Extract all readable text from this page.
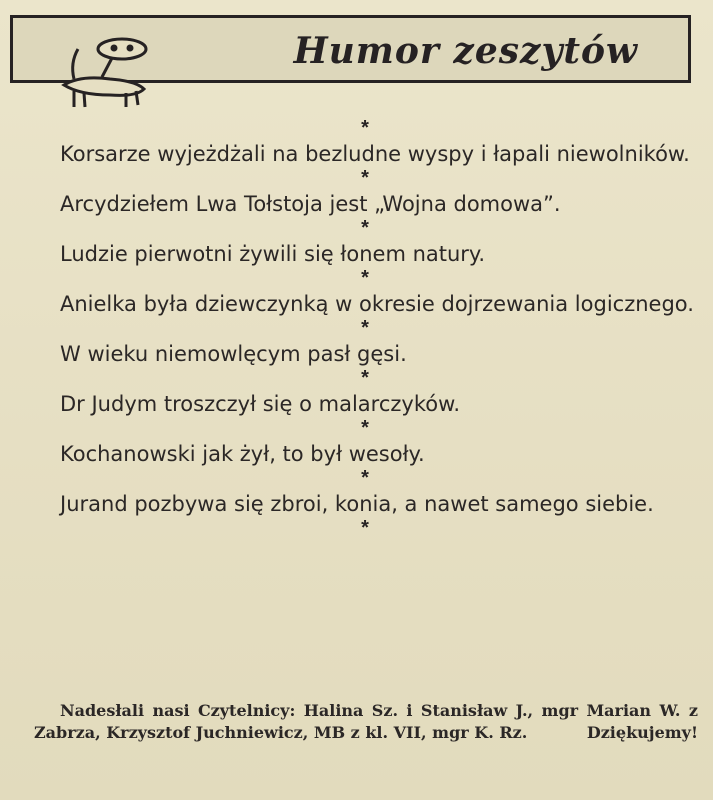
Humor zeszytów
*

Korsarze wyjeżdżali na bezludne wyspy i łapali niewolników.

*

Arcydziełem Lwa Tołstoja jest „Wojna domowa”.

*

Ludzie pierwotni żywili się łonem natury.

*

Anielka była dziewczynką w okresie dojrzewania logicznego.

*

W wieku niemowlęcym pasł gęsi.

*

Dr Judym troszczył się o malarczyków.

*

Kochanowski jak żył, to był wesoły.

*

Jurand pozbywa się zbroi, konia, a nawet samego siebie.

*
Nadesłali nasi Czytelnicy: Halina Sz. i Stanisław J., mgr Marian W. z Zabrza, Krzysztof Juchniewicz, MB z kl. VII, mgr K. Rz.	Dziękujemy!
